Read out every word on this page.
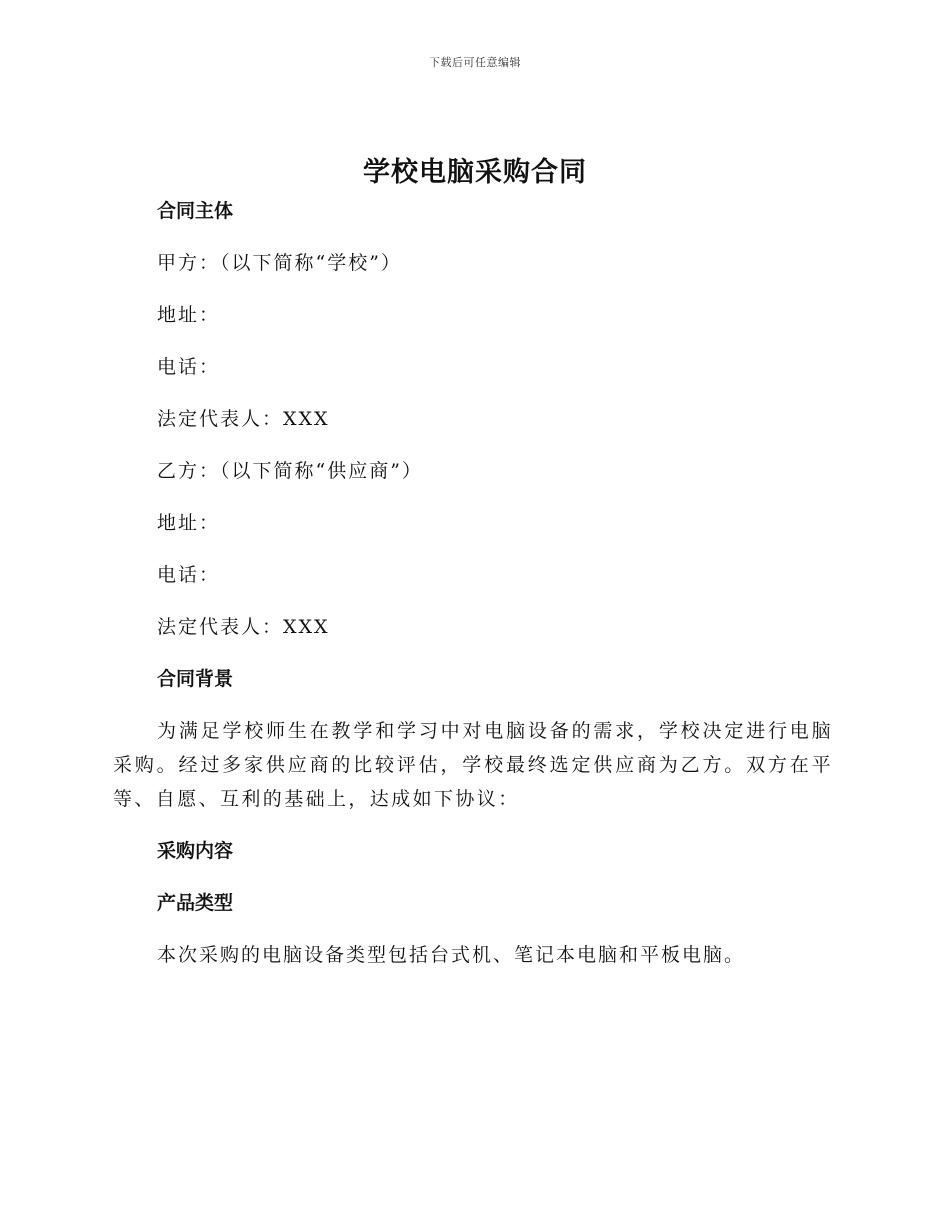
下载后可任意编辑
学校电脑采购合同
合同主体
甲方：（以下简称“学校”）
地址：
电话：
法定代表人：XXX
乙方：（以下简称“供应商”）
地址：
电话：
法定代表人：XXX
合同背景

为满足学校师生在教学和学习中对电脑设备的需求，学校决定进行电脑采购。经过多家供应商的比较评估，学校最终选定供应商为乙方。双方在平等、自愿、互利的基础上，达成如下协议：

采购内容
产品类型
本次采购的电脑设备类型包括台式机、笔记本电脑和平板电脑。
